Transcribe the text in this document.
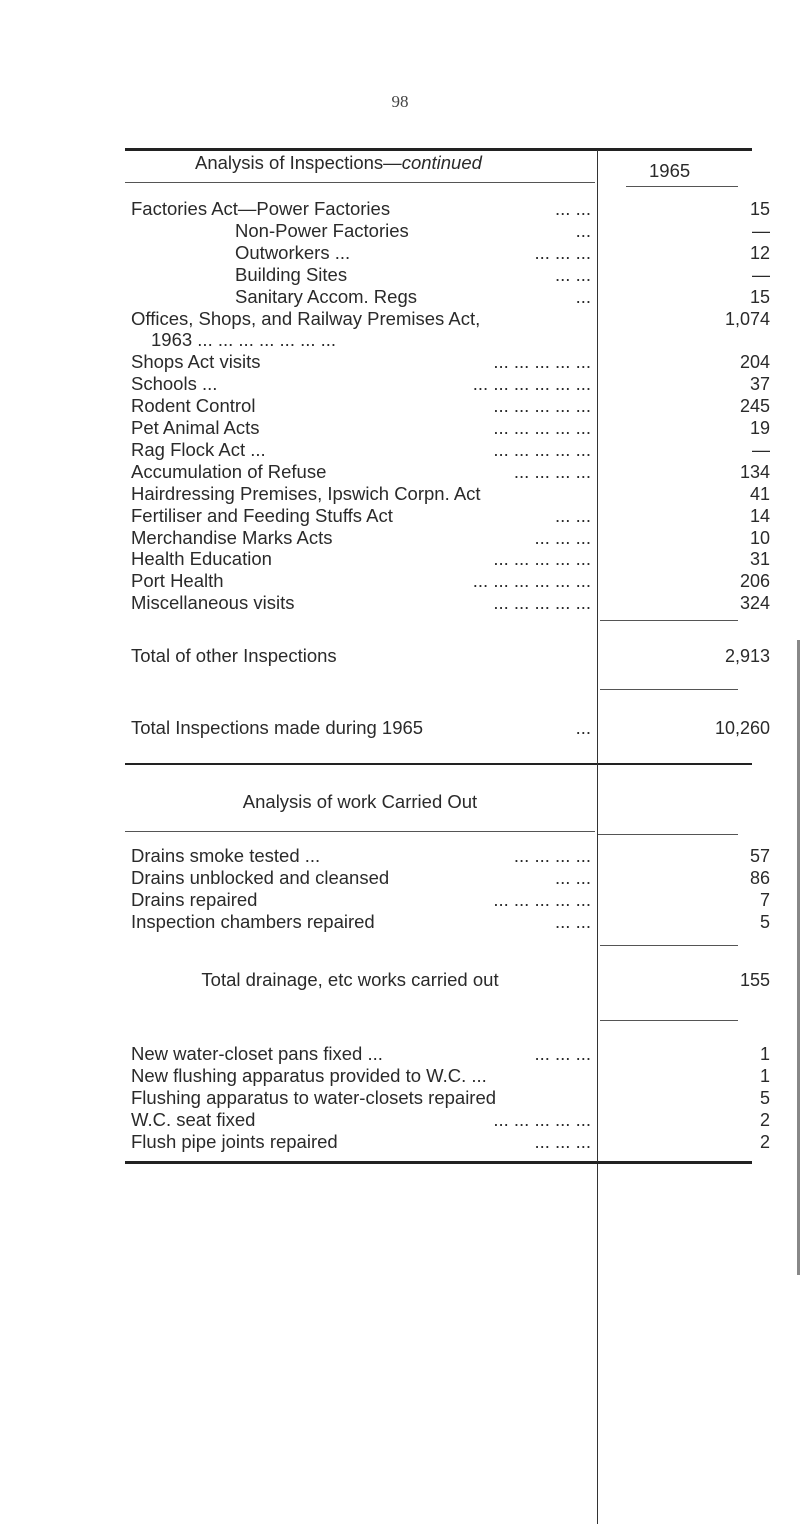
98
Analysis of Inspections—continued	1965
Factories Act—Power Factories	... ...	15
Non-Power Factories	...	—
Outworkers ...	... ... ...	12
Building Sites	... ...	—
Sanitary Accom. Regs	...	15
Offices, Shops, and Railway Premises Act,	1,074
1963 ... ... ... ... ... ... ...
Shops Act visits	... ... ... ... ...	204
Schools ...	... ... ... ... ... ...	37
Rodent Control	... ... ... ... ...	245
Pet Animal Acts	... ... ... ... ...	19
Rag Flock Act ...	... ... ... ... ...	—
Accumulation of Refuse	... ... ... ...	134
Hairdressing Premises, Ipswich Corpn. Act	41
Fertiliser and Feeding Stuffs Act	... ...	14
Merchandise Marks Acts	... ... ...	10
Health Education	... ... ... ... ...	31
Port Health	... ... ... ... ... ...	206
Miscellaneous visits	... ... ... ... ...	324
Total of other Inspections	2,913
Total Inspections made during 1965	...	10,260
Analysis of work Carried Out
Drains smoke tested ...	... ... ... ...	57
Drains unblocked and cleansed	... ...	86
Drains repaired	... ... ... ... ...	7
Inspection chambers repaired	... ...	5
Total drainage, etc works carried out	155
New water-closet pans fixed ...	... ... ...	1
New flushing apparatus provided to W.C. ...	1
Flushing apparatus to water-closets repaired	5
W.C. seat fixed	... ... ... ... ...	2
Flush pipe joints repaired	... ... ...	2
